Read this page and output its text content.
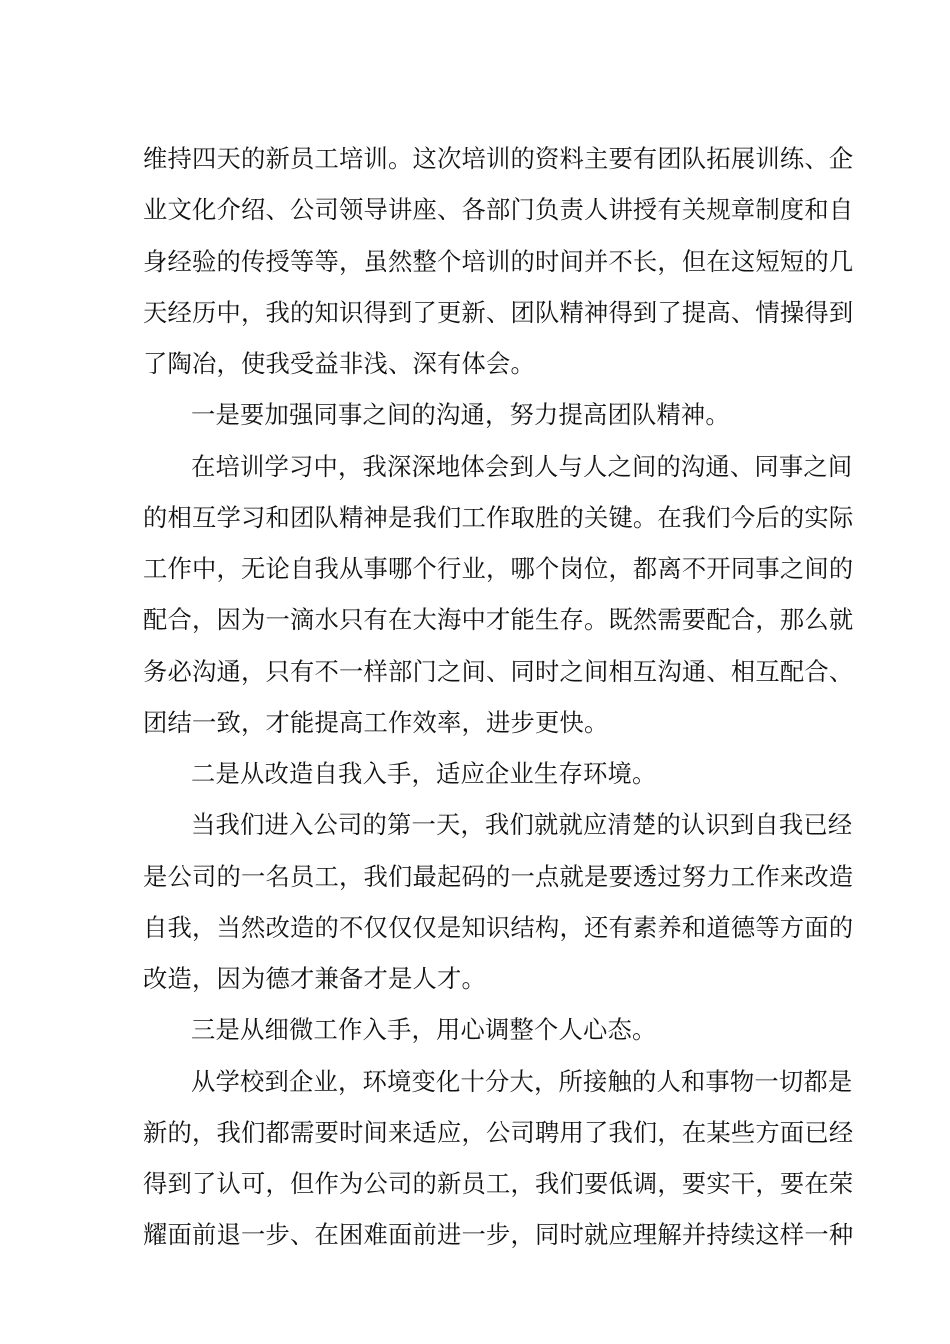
维持四天的新员工培训。这次培训的资料主要有团队拓展训练、企
业文化介绍、公司领导讲座、各部门负责人讲授有关规章制度和自
身经验的传授等等，虽然整个培训的时间并不长，但在这短短的几
天经历中，我的知识得到了更新、团队精神得到了提高、情操得到
了陶冶，使我受益非浅、深有体会。
一是要加强同事之间的沟通，努力提高团队精神。
在培训学习中，我深深地体会到人与人之间的沟通、同事之间
的相互学习和团队精神是我们工作取胜的关键。在我们今后的实际
工作中，无论自我从事哪个行业，哪个岗位，都离不开同事之间的
配合，因为一滴水只有在大海中才能生存。既然需要配合，那么就
务必沟通，只有不一样部门之间、同时之间相互沟通、相互配合、
团结一致，才能提高工作效率，进步更快。
二是从改造自我入手，适应企业生存环境。
当我们进入公司的第一天，我们就就应清楚的认识到自我已经
是公司的一名员工，我们最起码的一点就是要透过努力工作来改造
自我，当然改造的不仅仅仅是知识结构，还有素养和道德等方面的
改造，因为德才兼备才是人才。
三是从细微工作入手，用心调整个人心态。
从学校到企业，环境变化十分大，所接触的人和事物一切都是
新的，我们都需要时间来适应，公司聘用了我们，在某些方面已经
得到了认可，但作为公司的新员工，我们要低调，要实干，要在荣
耀面前退一步、在困难面前进一步，同时就应理解并持续这样一种
